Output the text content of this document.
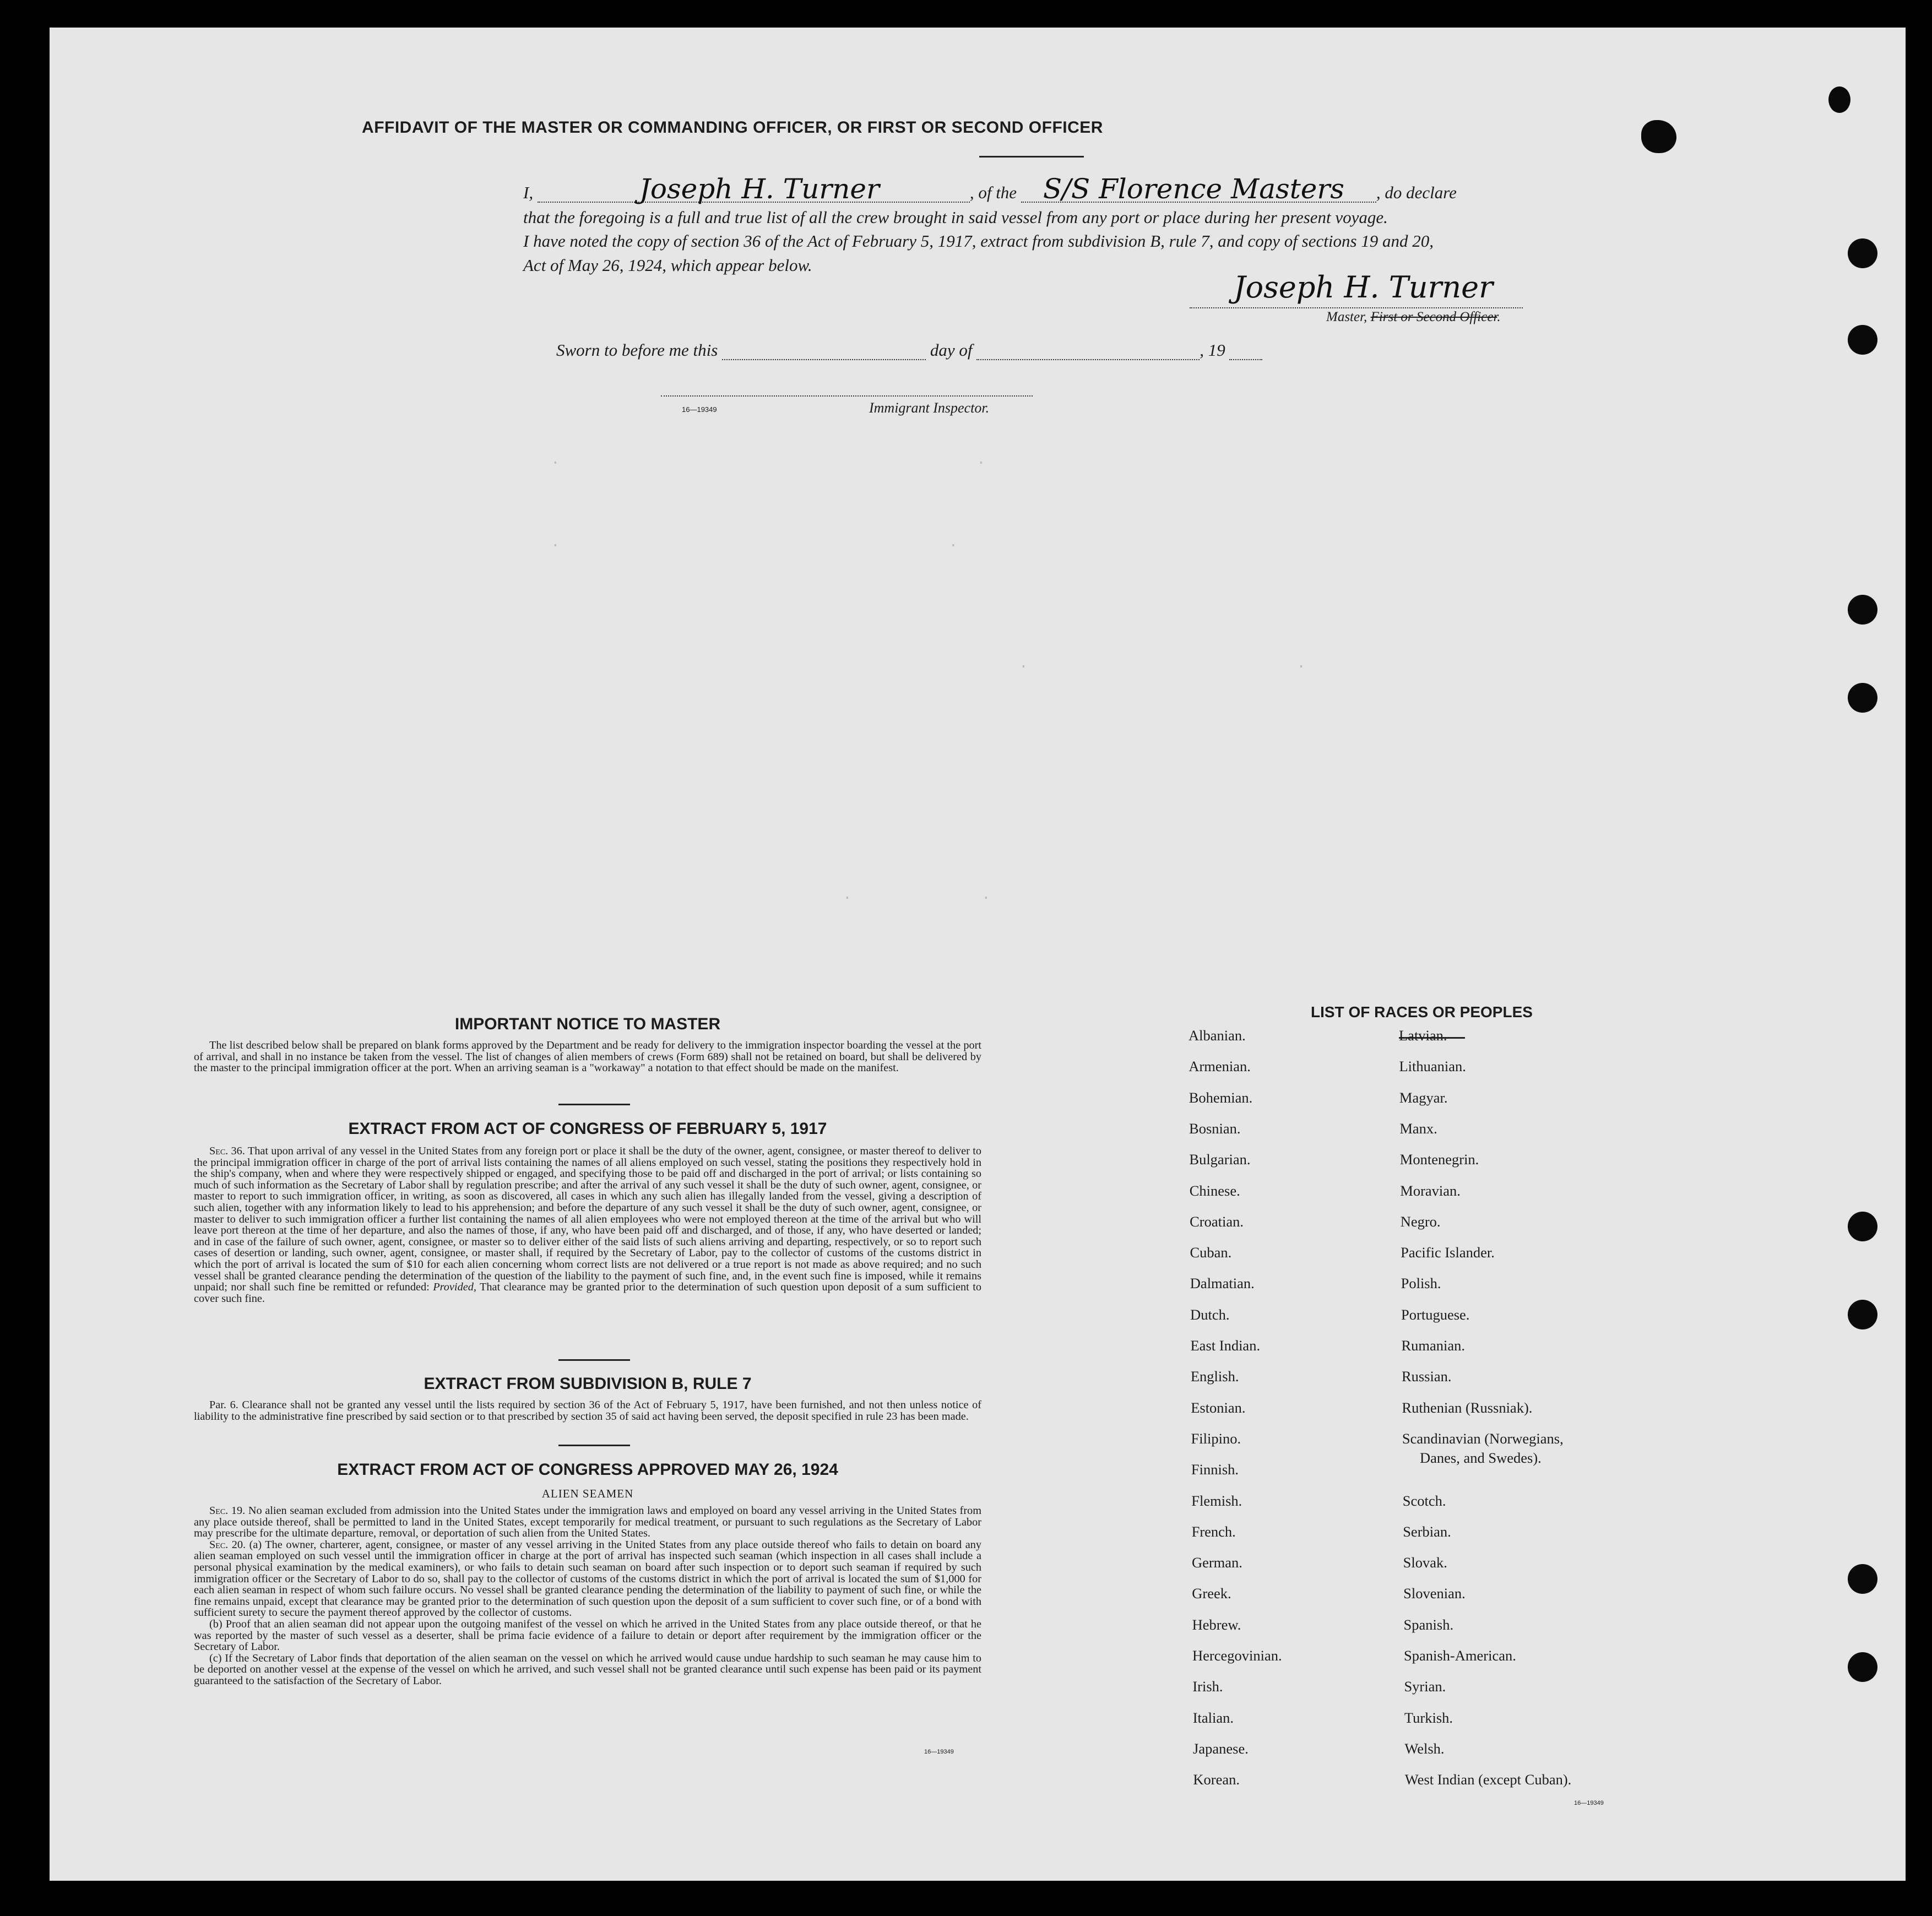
.                                             .
.                                          .
.                             .
.              .
AFFIDAVIT OF THE MASTER OR COMMANDING OFFICER, OR FIRST OR SECOND OFFICER
I,	Joseph H. Turner	, of the S/S Florence Masters , do declare
that the foregoing is a full and true list of all the crew brought in said vessel from any port or place during her present voyage.
I have noted the copy of section 36 of the Act of February 5, 1917, extract from subdivision B, rule 7, and copy of sections 19 and 20,
Act of May 26, 1924, which appear below.
Joseph H. Turner
Master, First or Second Officer.
Sworn to before me this	day of	, 19
16—19349	Immigrant Inspector.
IMPORTANT NOTICE TO MASTER

The list described below shall be prepared on blank forms approved by the Department and be ready for delivery to the immigration inspector boarding the vessel at the port of arrival, and shall in no instance be taken from the vessel. The list of changes of alien members of crews (Form 689) shall not be retained on board, but shall be delivered by the master to the principal immigration officer at the port. When an arriving seaman is a "workaway" a notation to that effect should be made on the manifest.

EXTRACT FROM ACT OF CONGRESS OF FEBRUARY 5, 1917

Sec. 36. That upon arrival of any vessel in the United States from any foreign port or place it shall be the duty of the owner, agent, consignee, or master thereof to deliver to the principal immigration officer in charge of the port of arrival lists containing the names of all aliens employed on such vessel, stating the positions they respectively hold in the ship's company, when and where they were respectively shipped or engaged, and specifying those to be paid off and discharged in the port of arrival; or lists containing so much of such information as the Secretary of Labor shall by regulation prescribe; and after the arrival of any such vessel it shall be the duty of such owner, agent, consignee, or master to report to such immigration officer, in writing, as soon as discovered, all cases in which any such alien has illegally landed from the vessel, giving a description of such alien, together with any information likely to lead to his apprehension; and before the departure of any such vessel it shall be the duty of such owner, agent, consignee, or master to deliver to such immigration officer a further list containing the names of all alien employees who were not employed thereon at the time of the arrival but who will leave port thereon at the time of her departure, and also the names of those, if any, who have been paid off and discharged, and of those, if any, who have deserted or landed; and in case of the failure of such owner, agent, consignee, or master so to deliver either of the said lists of such aliens arriving and departing, respectively, or so to report such cases of desertion or landing, such owner, agent, consignee, or master shall, if required by the Secretary of Labor, pay to the collector of customs of the customs district in which the port of arrival is located the sum of $10 for each alien concerning whom correct lists are not delivered or a true report is not made as above required; and no such vessel shall be granted clearance pending the determination of the question of the liability to the payment of such fine, and, in the event such fine is imposed, while it remains unpaid; nor shall such fine be remitted or refunded: Provided, That clearance may be granted prior to the determination of such question upon deposit of a sum sufficient to cover such fine.

EXTRACT FROM SUBDIVISION B, RULE 7

Par. 6. Clearance shall not be granted any vessel until the lists required by section 36 of the Act of February 5, 1917, have been furnished, and not then unless notice of liability to the administrative fine prescribed by said section or to that prescribed by section 35 of said act having been served, the deposit specified in rule 23 has been made.

EXTRACT FROM ACT OF CONGRESS APPROVED MAY 26, 1924
ALIEN SEAMEN

Sec. 19. No alien seaman excluded from admission into the United States under the immigration laws and employed on board any vessel arriving in the United States from any place outside thereof, shall be permitted to land in the United States, except temporarily for medical treatment, or pursuant to such regulations as the Secretary of Labor may prescribe for the ultimate departure, removal, or deportation of such alien from the United States.

Sec. 20. (a) The owner, charterer, agent, consignee, or master of any vessel arriving in the United States from any place outside thereof who fails to detain on board any alien seaman employed on such vessel until the immigration officer in charge at the port of arrival has inspected such seaman (which inspection in all cases shall include a personal physical examination by the medical examiners), or who fails to detain such seaman on board after such inspection or to deport such seaman if required by such immigration officer or the Secretary of Labor to do so, shall pay to the collector of customs of the customs district in which the port of arrival is located the sum of $1,000 for each alien seaman in respect of whom such failure occurs. No vessel shall be granted clearance pending the determination of the liability to payment of such fine, or while the fine remains unpaid, except that clearance may be granted prior to the determination of such question upon the deposit of a sum sufficient to cover such fine, or of a bond with sufficient surety to secure the payment thereof approved by the collector of customs.

(b) Proof that an alien seaman did not appear upon the outgoing manifest of the vessel on which he arrived in the United States from any place outside thereof, or that he was reported by the master of such vessel as a deserter, shall be prima facie evidence of a failure to detain or deport after requirement by the immigration officer or the Secretary of Labor.

(c) If the Secretary of Labor finds that deportation of the alien seaman on the vessel on which he arrived would cause undue hardship to such seaman he may cause him to be deported on another vessel at the expense of the vessel on which he arrived, and such vessel shall not be granted clearance until such expense has been paid or its payment guaranteed to the satisfaction of the Secretary of Labor.

16—19349
LIST OF RACES OR PEOPLES
Albanian.
Armenian.
Bohemian.
Bosnian.
Bulgarian.
Chinese.
Croatian.
Cuban.
Dalmatian.
Dutch.
East Indian.
English.
Estonian.
Filipino.
Finnish.
Flemish.
French.
German.
Greek.
Hebrew.
Hercegovinian.
Irish.
Italian.
Japanese.
Korean.
Latvian.
Lithuanian.
Magyar.
Manx.
Montenegrin.
Moravian.
Negro.
Pacific Islander.
Polish.
Portuguese.
Rumanian.
Russian.
Ruthenian (Russniak).
Scandinavian (Norwegians,
Danes, and Swedes).
Scotch.
Serbian.
Slovak.
Slovenian.
Spanish.
Spanish-American.
Syrian.
Turkish.
Welsh.
West Indian (except Cuban).
16—19349
